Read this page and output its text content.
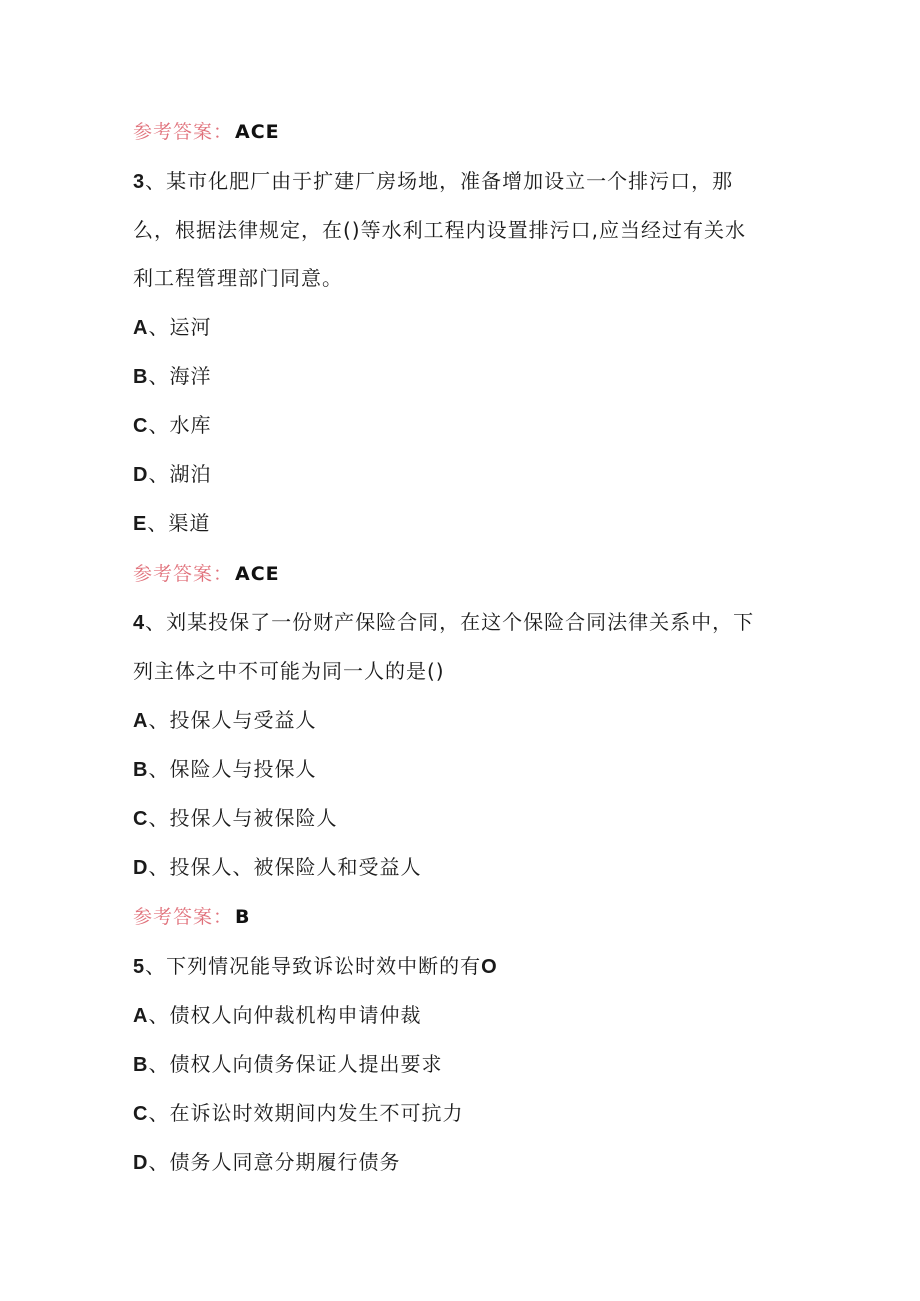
参考答案： ACE
3、某市化肥厂由于扩建厂房场地，准备增加设立一个排污口，那
么，根据法律规定，在()等水利工程内设置排污口,应当经过有关水
利工程管理部门同意。
A、运河
B、海洋
C、水库
D、湖泊
E、渠道
参考答案： ACE
4、刘某投保了一份财产保险合同，在这个保险合同法律关系中，下
列主体之中不可能为同一人的是()
A、投保人与受益人
B、保险人与投保人
C、投保人与被保险人
D、投保人、被保险人和受益人
参考答案： B
5、下列情况能导致诉讼时效中断的有O
A、债权人向仲裁机构申请仲裁
B、债权人向债务保证人提出要求
C、在诉讼时效期间内发生不可抗力
D、债务人同意分期履行债务
